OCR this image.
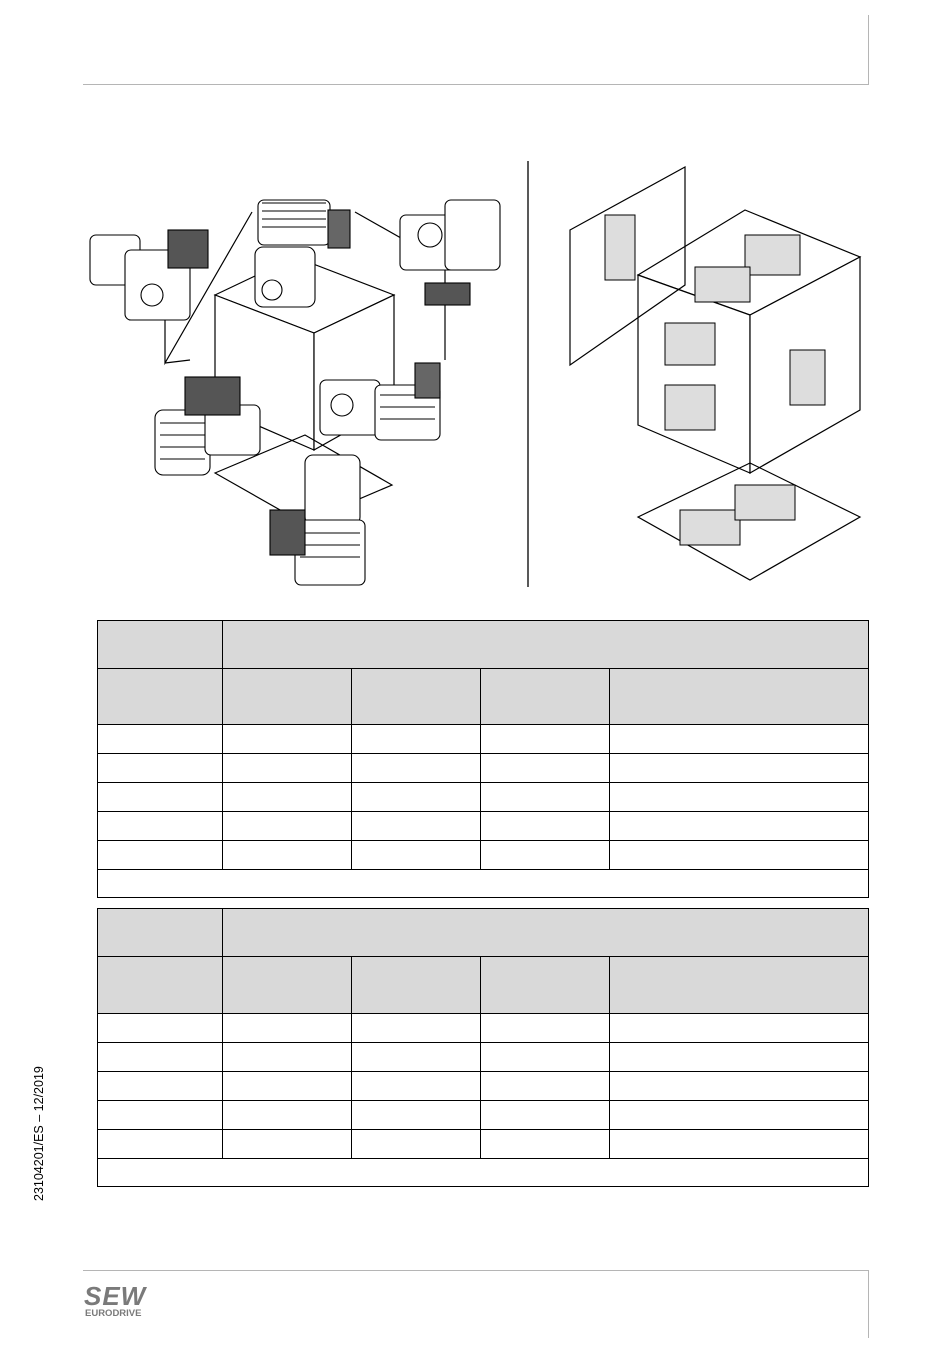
23104201/ES – 12/2019
SEW
EURODRIVE
